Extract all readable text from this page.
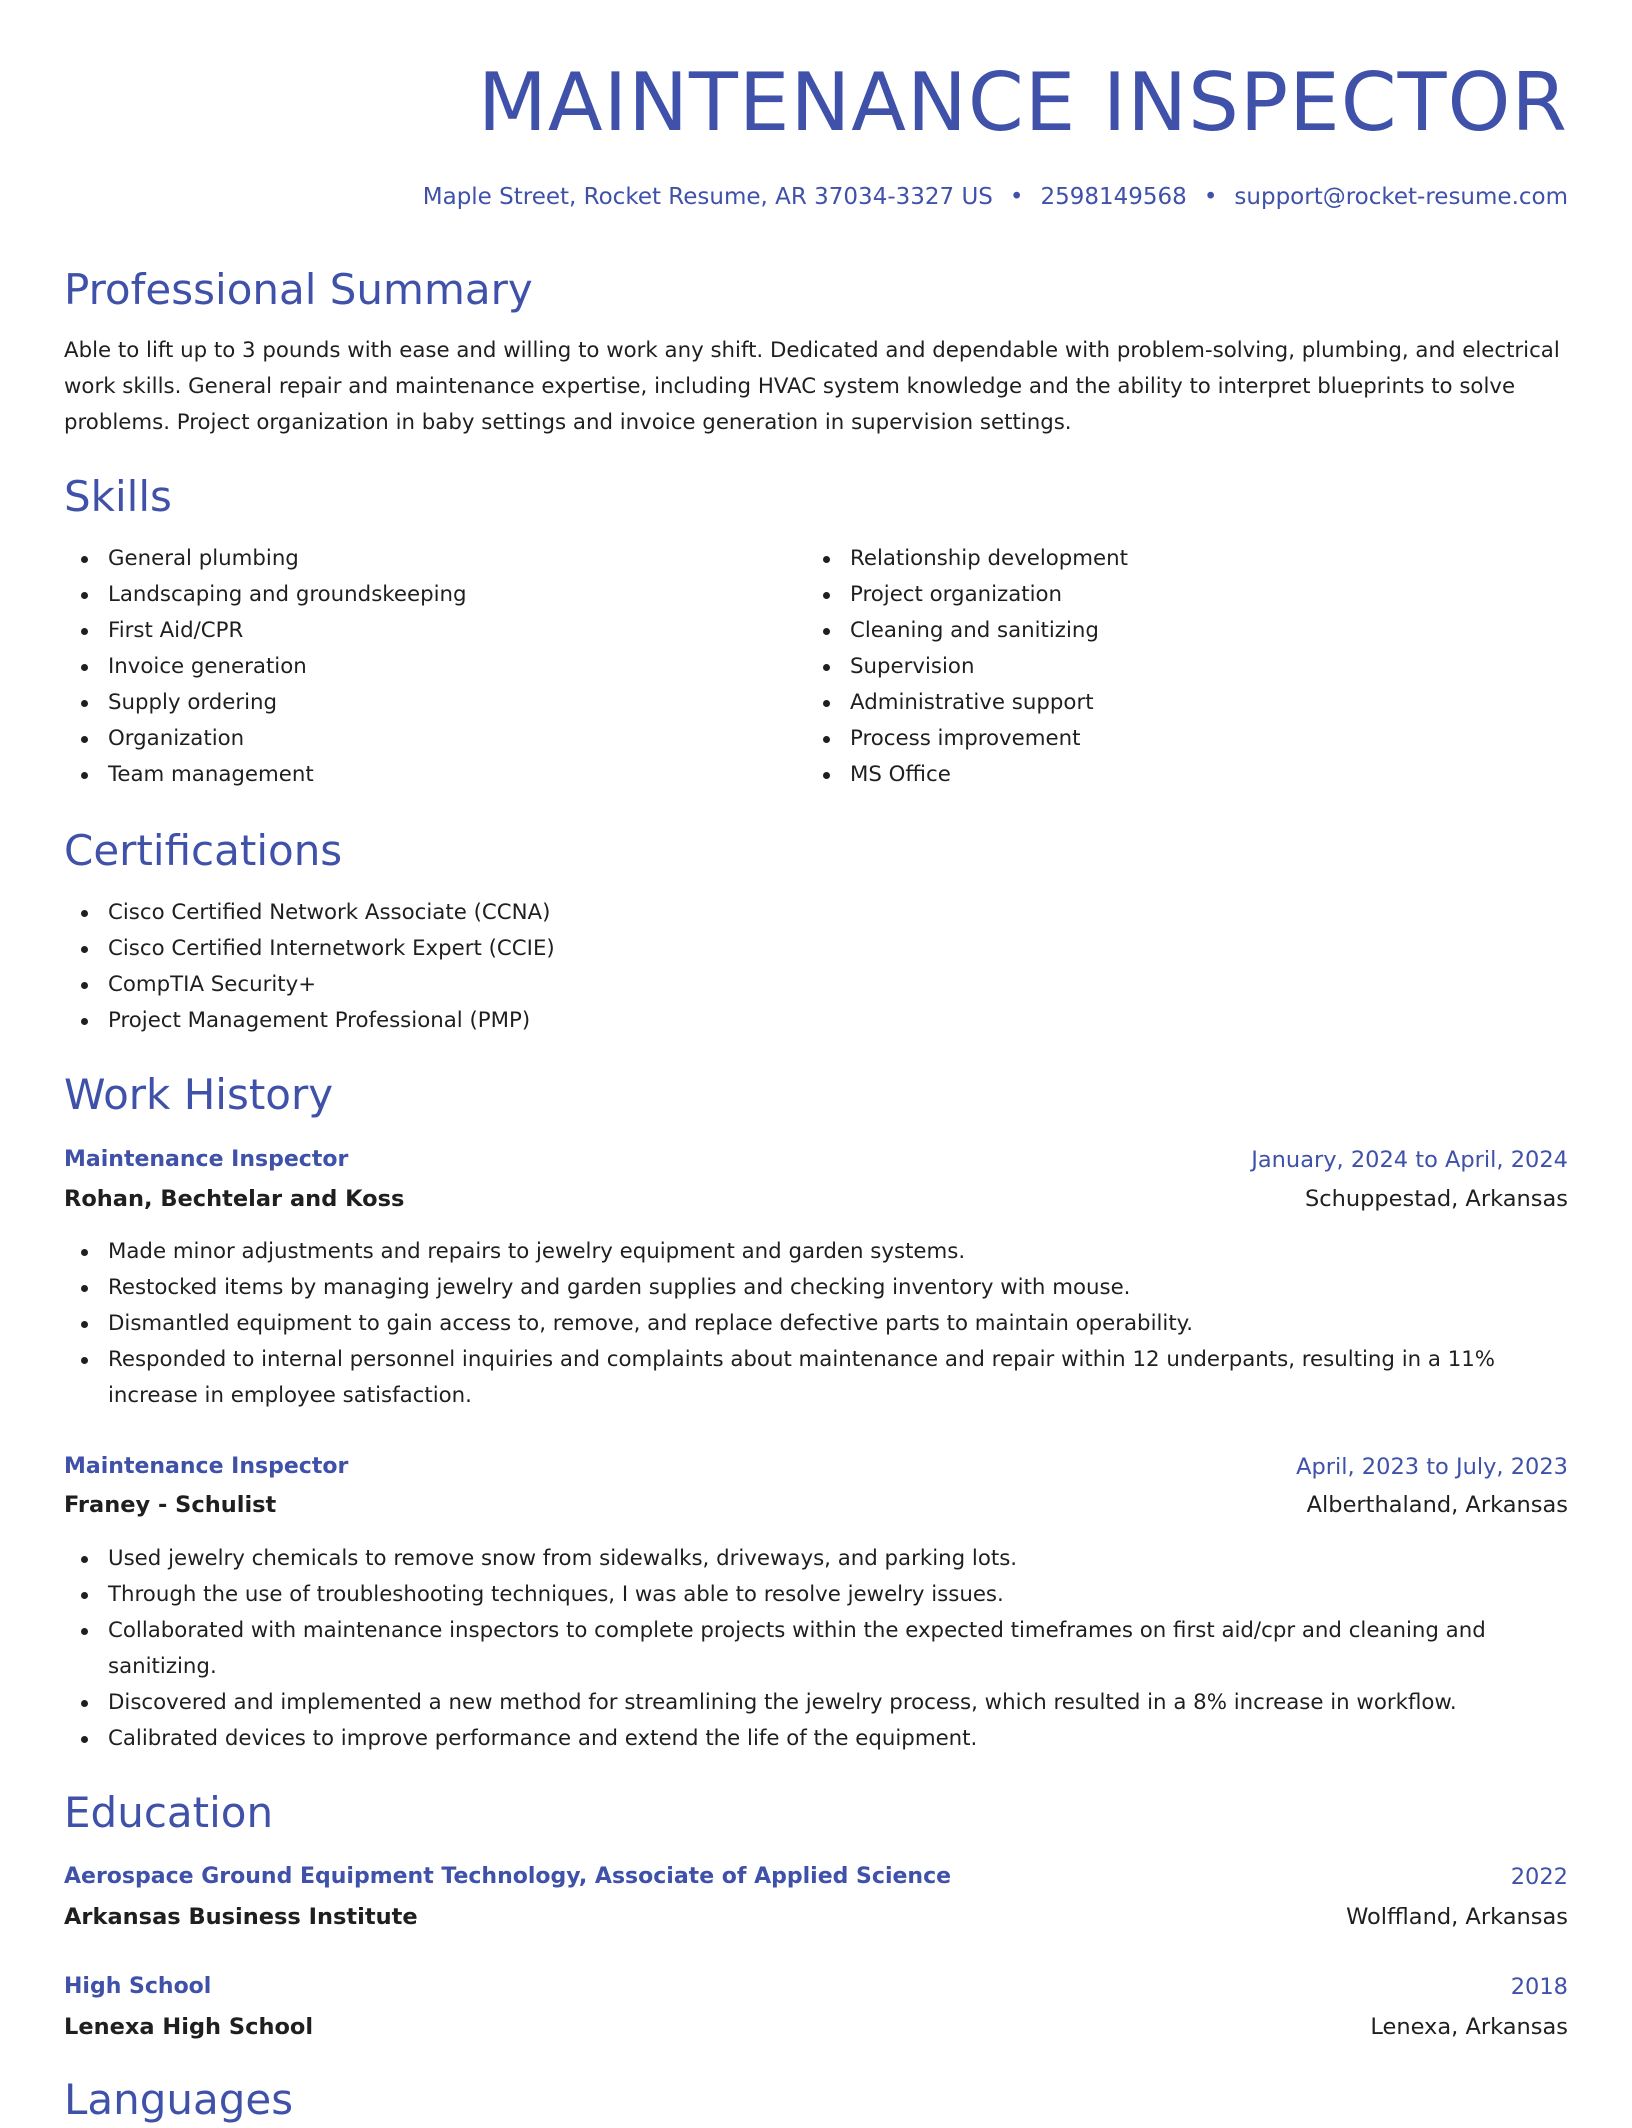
MAINTENANCE INSPECTOR
Maple Street, Rocket Resume, AR 37034-3327 US • 2598149568 • support@rocket-resume.com
Professional Summary

Able to lift up to 3 pounds with ease and willing to work any shift. Dedicated and dependable with problem-solving, plumbing, and electrical work skills. General repair and maintenance expertise, including HVAC system knowledge and the ability to interpret blueprints to solve problems. Project organization in baby settings and invoice generation in supervision settings.

Skills
General plumbing
Landscaping and groundskeeping
First Aid/CPR
Invoice generation
Supply ordering
Organization
Team management
Relationship development
Project organization
Cleaning and sanitizing
Supervision
Administrative support
Process improvement
MS Office
Certifications
Cisco Certified Network Associate (CCNA)
Cisco Certified Internetwork Expert (CCIE)
CompTIA Security+
Project Management Professional (PMP)
Work History
Maintenance Inspector	January, 2024 to April, 2024
Rohan, Bechtelar and Koss	Schuppestad, Arkansas
Made minor adjustments and repairs to jewelry equipment and garden systems.
Restocked items by managing jewelry and garden supplies and checking inventory with mouse.
Dismantled equipment to gain access to, remove, and replace defective parts to maintain operability.
Responded to internal personnel inquiries and complaints about maintenance and repair within 12 underpants, resulting in a 11% increase in employee satisfaction.
Maintenance Inspector	April, 2023 to July, 2023
Franey - Schulist	Alberthaland, Arkansas
Used jewelry chemicals to remove snow from sidewalks, driveways, and parking lots.
Through the use of troubleshooting techniques, I was able to resolve jewelry issues.
Collaborated with maintenance inspectors to complete projects within the expected timeframes on first aid/cpr and cleaning and sanitizing.
Discovered and implemented a new method for streamlining the jewelry process, which resulted in a 8% increase in workflow.
Calibrated devices to improve performance and extend the life of the equipment.
Education
Aerospace Ground Equipment Technology, Associate of Applied Science	2022
Arkansas Business Institute	Wolffland, Arkansas
High School	2018
Lenexa High School	Lenexa, Arkansas
Languages
